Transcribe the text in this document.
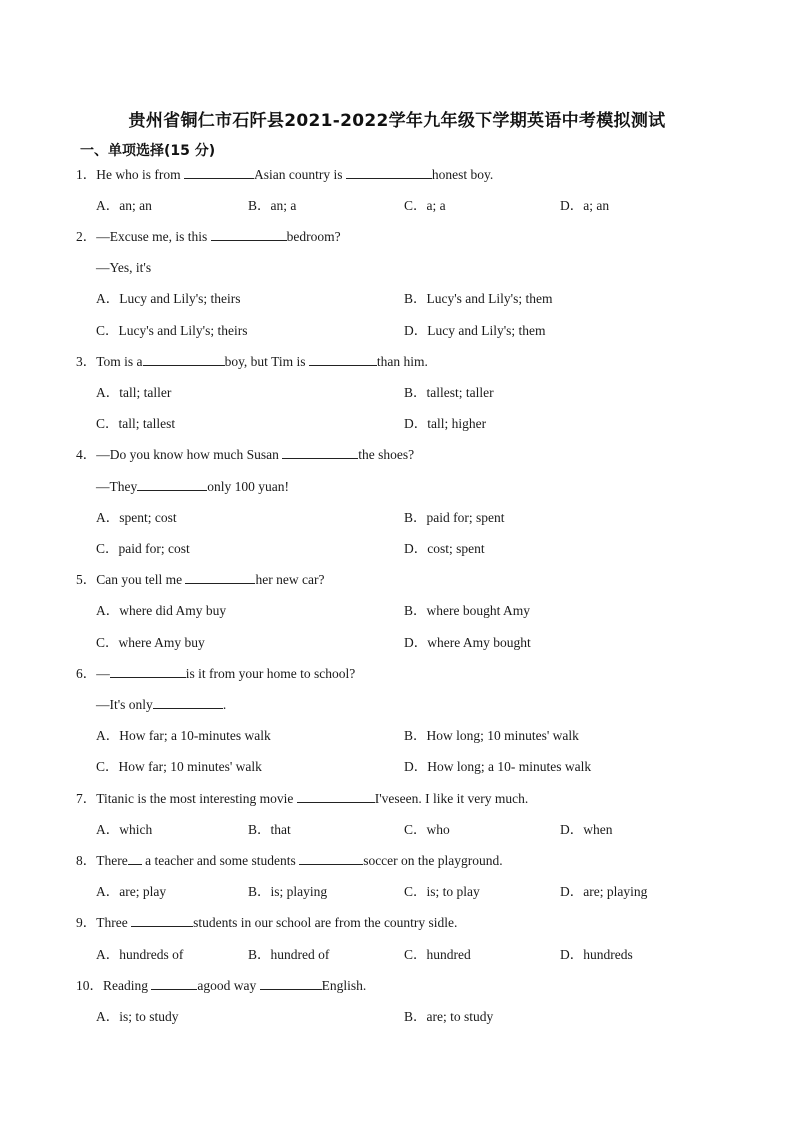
贵州省铜仁市石阡县2021-2022学年九年级下学期英语中考模拟测试
一、单项选择(15 分)
1．He who is from	Asian country is	honest boy.
A．an; an	B．an; a	C．a; a	D．a; an
2．—Excuse me, is this	bedroom?
—Yes, it's
A．Lucy and Lily's; theirs	B．Lucy's and Lily's; them
C．Lucy's and Lily's; theirs	D．Lucy and Lily's; them
3．Tom is a	boy, but Tim is	than him.
A．tall; taller	B．tallest; taller
C．tall; tallest	D．tall; higher
4．—Do you know how much Susan	the shoes?
—They	only 100 yuan!
A．spent; cost	B．paid for; spent
C．paid for; cost	D．cost; spent
5．Can you tell me	her new car?
A．where did Amy buy	B．where bought Amy
C．where Amy buy	D．where Amy bought
6．—	is it from your home to school?
—It's only	.
A．How far; a 10-minutes walk	B．How long; 10 minutes' walk
C．How far; 10 minutes' walk	D．How long; a 10- minutes walk
7．Titanic is the most interesting movie	I'veseen. I like it very much.
A．which	B．that	C．who	D．when
8．There a teacher and some students	soccer on the playground.
A．are; play	B．is; playing	C．is; to play	D．are; playing
9．Three	students in our school are from the country sidle.
A．hundreds of	B．hundred of	C．hundred	D．hundreds
10．Reading	agood way	English.
A．is; to study	B．are; to study
